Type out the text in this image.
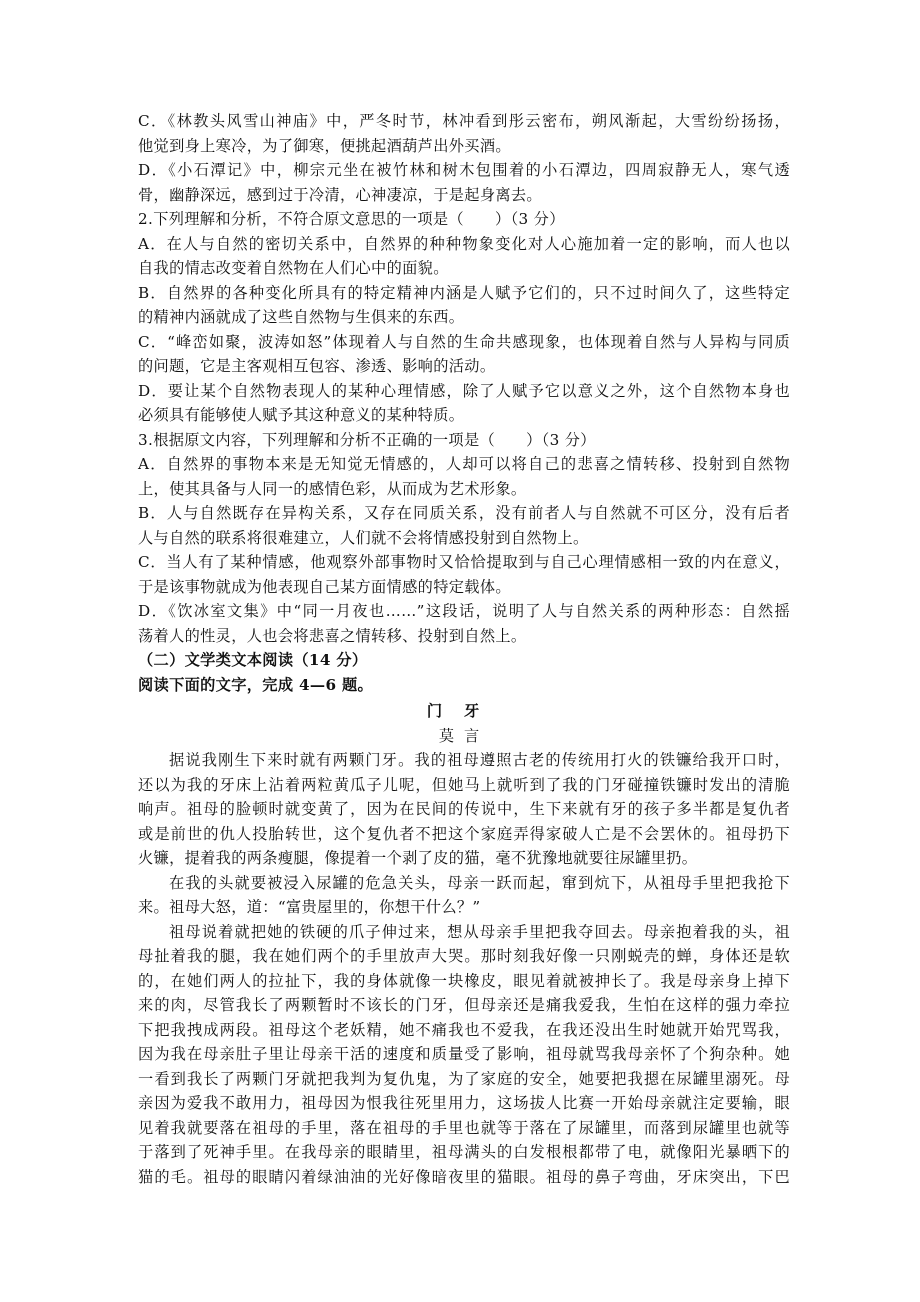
C．《林教头风雪山神庙》中，严冬时节，林冲看到彤云密布，朔风渐起，大雪纷纷扬扬，
他觉到身上寒冷，为了御寒，便挑起酒葫芦出外买酒。
D．《小石潭记》中，柳宗元坐在被竹林和树木包围着的小石潭边，四周寂静无人，寒气透
骨，幽静深远，感到过于冷清，心神凄凉，于是起身离去。
2.下列理解和分析，不符合原文意思的一项是（　　）（3 分）
A．在人与自然的密切关系中，自然界的种种物象变化对人心施加着一定的影响，而人也以
自我的情志改变着自然物在人们心中的面貌。
B．自然界的各种变化所具有的特定精神内涵是人赋予它们的，只不过时间久了，这些特定
的精神内涵就成了这些自然物与生俱来的东西。
C．“峰峦如聚，波涛如怒”体现着人与自然的生命共感现象，也体现着自然与人异构与同质
的问题，它是主客观相互包容、渗透、影响的活动。
D．要让某个自然物表现人的某种心理情感，除了人赋予它以意义之外，这个自然物本身也
必须具有能够使人赋予其这种意义的某种特质。
3.根据原文内容，下列理解和分析不正确的一项是（　　）（3 分）
A．自然界的事物本来是无知觉无情感的，人却可以将自己的悲喜之情转移、投射到自然物
上，使其具备与人同一的感情色彩，从而成为艺术形象。
B．人与自然既存在异构关系，又存在同质关系，没有前者人与自然就不可区分，没有后者
人与自然的联系将很难建立，人们就不会将情感投射到自然物上。
C．当人有了某种情感，他观察外部事物时又恰恰提取到与自己心理情感相一致的内在意义，
于是该事物就成为他表现自己某方面情感的特定载体。
D．《饮冰室文集》中“同一月夜也……”这段话，说明了人与自然关系的两种形态：自然摇
荡着人的性灵，人也会将悲喜之情转移、投射到自然上。
（二）文学类文本阅读（14 分）
阅读下面的文字，完成 4—6 题。
门牙
莫言
据说我刚生下来时就有两颗门牙。我的祖母遵照古老的传统用打火的铁镰给我开口时，
还以为我的牙床上沾着两粒黄瓜子儿呢，但她马上就听到了我的门牙碰撞铁镰时发出的清脆
响声。祖母的脸顿时就变黄了，因为在民间的传说中，生下来就有牙的孩子多半都是复仇者
或是前世的仇人投胎转世，这个复仇者不把这个家庭弄得家破人亡是不会罢休的。祖母扔下
火镰，提着我的两条瘦腿，像提着一个剥了皮的猫，毫不犹豫地就要往尿罐里扔。
在我的头就要被浸入尿罐的危急关头，母亲一跃而起，窜到炕下，从祖母手里把我抢下
来。祖母大怒，道：“富贵屋里的，你想干什么？”
祖母说着就把她的铁硬的爪子伸过来，想从母亲手里把我夺回去。母亲抱着我的头，祖
母扯着我的腿，我在她们两个的手里放声大哭。那时刻我好像一只刚蜕壳的蝉，身体还是软
的，在她们两人的拉扯下，我的身体就像一块橡皮，眼见着就被抻长了。我是母亲身上掉下
来的肉，尽管我长了两颗暂时不该长的门牙，但母亲还是痛我爱我，生怕在这样的强力牵拉
下把我拽成两段。祖母这个老妖精，她不痛我也不爱我，在我还没出生时她就开始咒骂我，
因为我在母亲肚子里让母亲干活的速度和质量受了影响，祖母就骂我母亲怀了个狗杂种。她
一看到我长了两颗门牙就把我判为复仇鬼，为了家庭的安全，她要把我摁在尿罐里溺死。母
亲因为爱我不敢用力，祖母因为恨我往死里用力，这场拔人比赛一开始母亲就注定要输，眼
见着我就要落在祖母的手里，落在祖母的手里也就等于落在了尿罐里，而落到尿罐里也就等
于落到了死神手里。在我母亲的眼睛里，祖母满头的白发根根都带了电，就像阳光暴晒下的
猫的毛。祖母的眼睛闪着绿油油的光好像暗夜里的猫眼。祖母的鼻子弯曲，牙床突出，下巴
